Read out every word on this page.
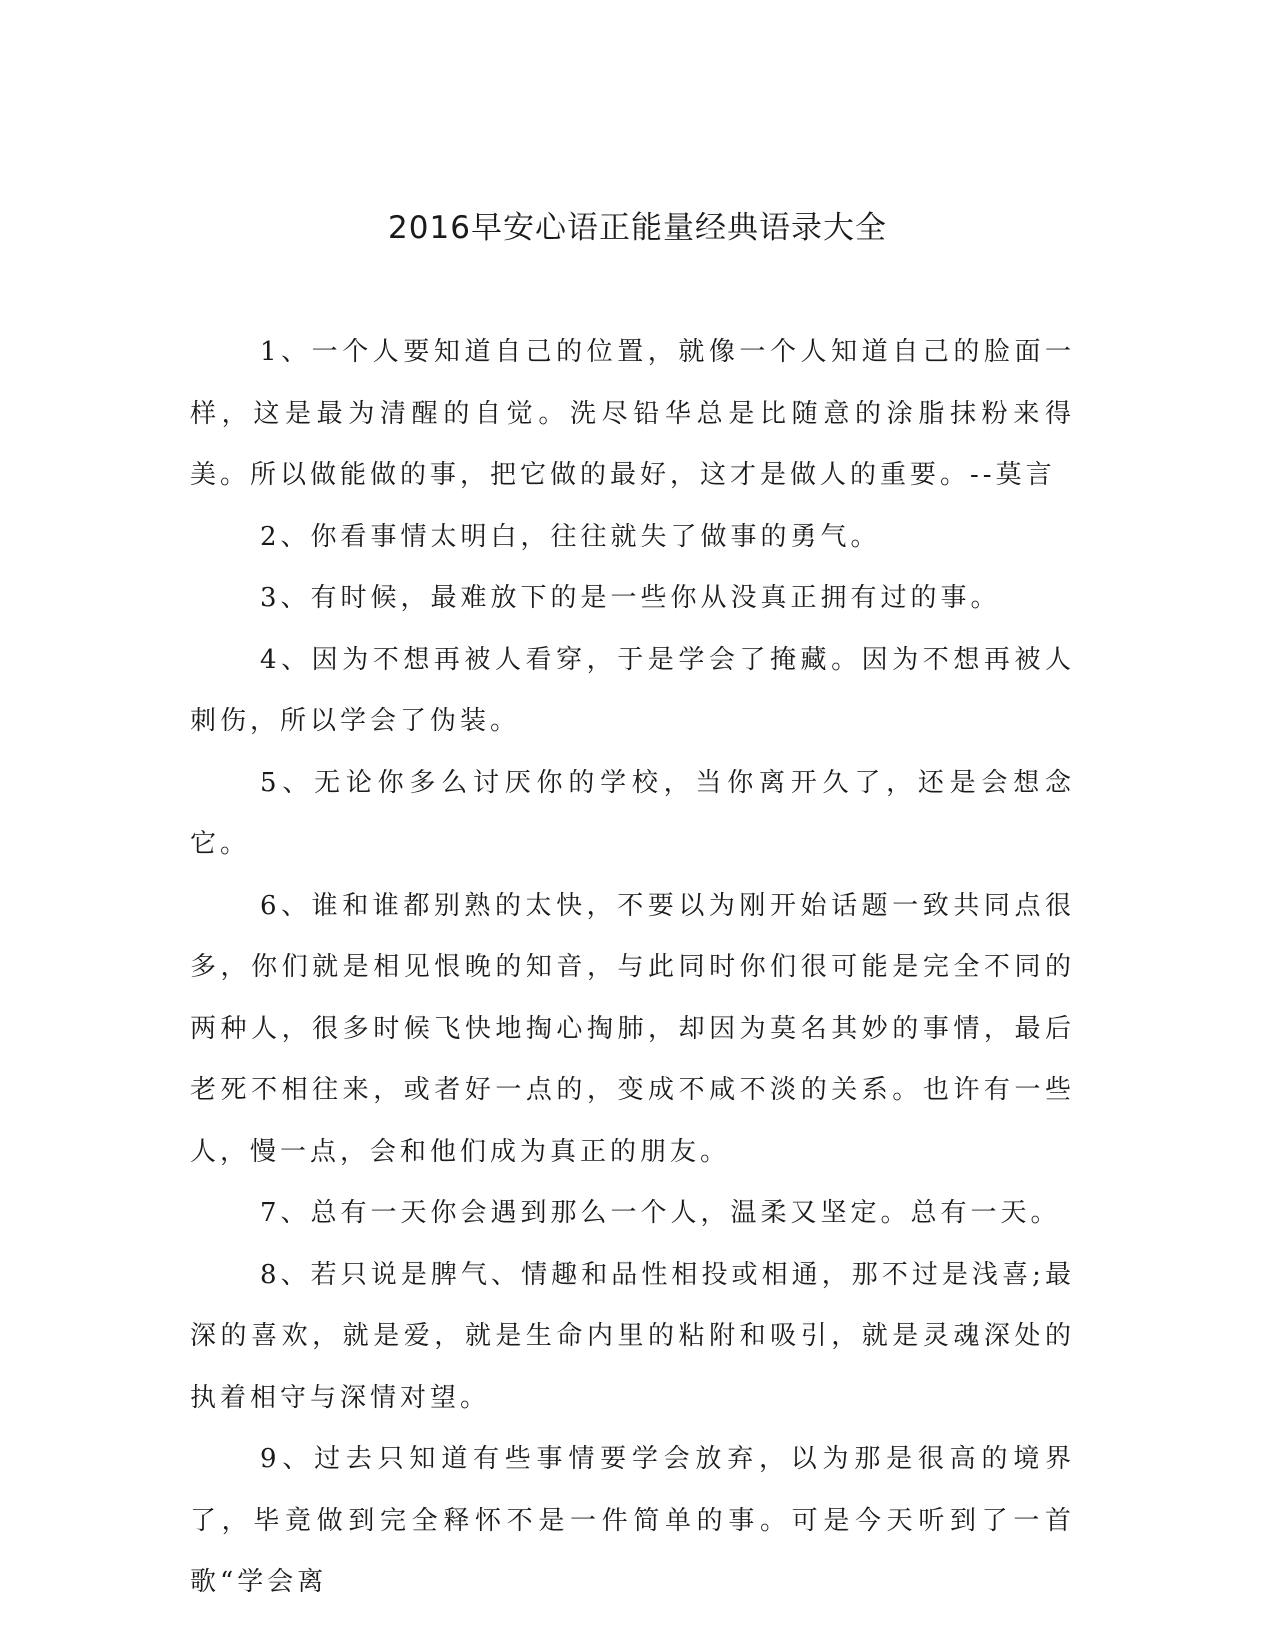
2016早安心语正能量经典语录大全

1、一个人要知道自己的位置，就像一个人知道自己的脸面一样，这是最为清醒的自觉。洗尽铅华总是比随意的涂脂抹粉来得美。所以做能做的事，把它做的最好，这才是做人的重要。--莫言

2、你看事情太明白，往往就失了做事的勇气。

3、有时候，最难放下的是一些你从没真正拥有过的事。

4、因为不想再被人看穿，于是学会了掩藏。因为不想再被人刺伤，所以学会了伪装。

5、无论你多么讨厌你的学校，当你离开久了，还是会想念它。

6、谁和谁都别熟的太快，不要以为刚开始话题一致共同点很多，你们就是相见恨晚的知音，与此同时你们很可能是完全不同的两种人，很多时候飞快地掏心掏肺，却因为莫名其妙的事情，最后老死不相往来，或者好一点的，变成不咸不淡的关系。也许有一些人，慢一点，会和他们成为真正的朋友。

7、总有一天你会遇到那么一个人，温柔又坚定。总有一天。

8、若只说是脾气、情趣和品性相投或相通，那不过是浅喜;最深的喜欢，就是爱，就是生命内里的粘附和吸引，就是灵魂深处的执着相守与深情对望。

9、过去只知道有些事情要学会放弃，以为那是很高的境界了，毕竟做到完全释怀不是一件简单的事。可是今天听到了一首歌“学会离
